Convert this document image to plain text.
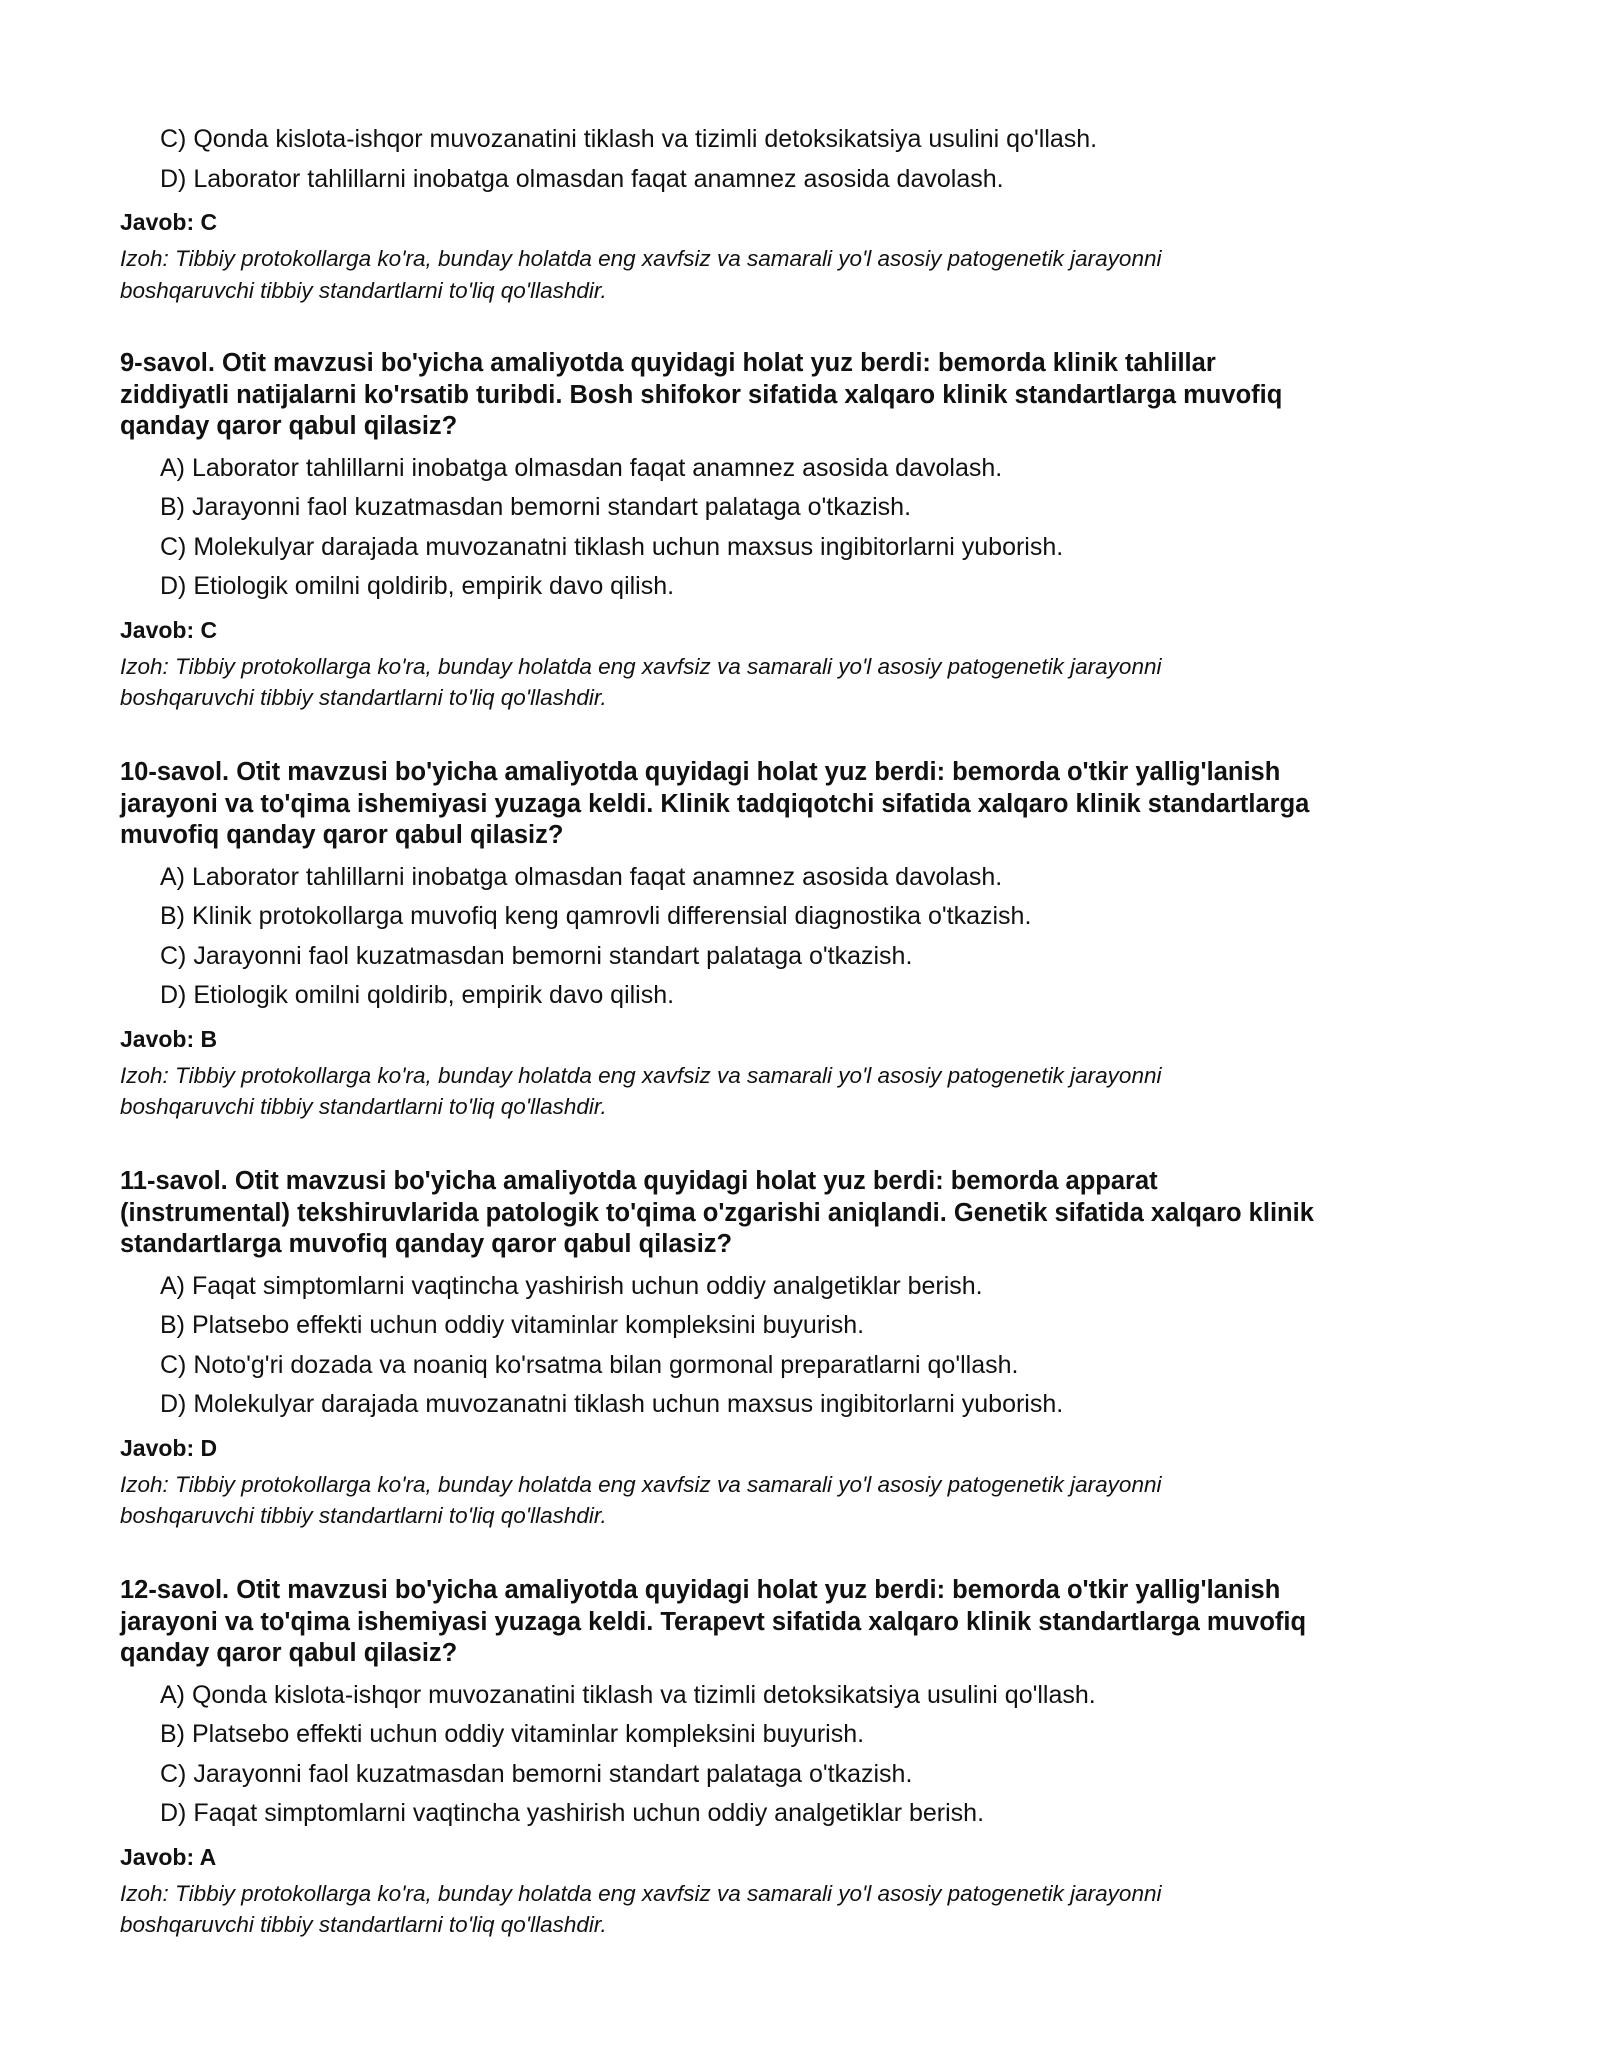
C) Qonda kislota-ishqor muvozanatini tiklash va tizimli detoksikatsiya usulini qo'llash.
D) Laborator tahlillarni inobatga olmasdan faqat anamnez asosida davolash.
Javob: C
Izoh: Tibbiy protokollarga ko'ra, bunday holatda eng xavfsiz va samarali yo'l asosiy patogenetik jarayonni
boshqaruvchi tibbiy standartlarni to'liq qo'llashdir.
9-savol. Otit mavzusi bo'yicha amaliyotda quyidagi holat yuz berdi: bemorda klinik tahlillar
ziddiyatli natijalarni ko'rsatib turibdi. Bosh shifokor sifatida xalqaro klinik standartlarga muvofiq
qanday qaror qabul qilasiz?
A) Laborator tahlillarni inobatga olmasdan faqat anamnez asosida davolash.
B) Jarayonni faol kuzatmasdan bemorni standart palataga o'tkazish.
C) Molekulyar darajada muvozanatni tiklash uchun maxsus ingibitorlarni yuborish.
D) Etiologik omilni qoldirib, empirik davo qilish.
Javob: C
Izoh: Tibbiy protokollarga ko'ra, bunday holatda eng xavfsiz va samarali yo'l asosiy patogenetik jarayonni
boshqaruvchi tibbiy standartlarni to'liq qo'llashdir.
10-savol. Otit mavzusi bo'yicha amaliyotda quyidagi holat yuz berdi: bemorda o'tkir yallig'lanish
jarayoni va to'qima ishemiyasi yuzaga keldi. Klinik tadqiqotchi sifatida xalqaro klinik standartlarga
muvofiq qanday qaror qabul qilasiz?
A) Laborator tahlillarni inobatga olmasdan faqat anamnez asosida davolash.
B) Klinik protokollarga muvofiq keng qamrovli differensial diagnostika o'tkazish.
C) Jarayonni faol kuzatmasdan bemorni standart palataga o'tkazish.
D) Etiologik omilni qoldirib, empirik davo qilish.
Javob: B
Izoh: Tibbiy protokollarga ko'ra, bunday holatda eng xavfsiz va samarali yo'l asosiy patogenetik jarayonni
boshqaruvchi tibbiy standartlarni to'liq qo'llashdir.
11-savol. Otit mavzusi bo'yicha amaliyotda quyidagi holat yuz berdi: bemorda apparat
(instrumental) tekshiruvlarida patologik to'qima o'zgarishi aniqlandi. Genetik sifatida xalqaro klinik
standartlarga muvofiq qanday qaror qabul qilasiz?
A) Faqat simptomlarni vaqtincha yashirish uchun oddiy analgetiklar berish.
B) Platsebo effekti uchun oddiy vitaminlar kompleksini buyurish.
C) Noto'g'ri dozada va noaniq ko'rsatma bilan gormonal preparatlarni qo'llash.
D) Molekulyar darajada muvozanatni tiklash uchun maxsus ingibitorlarni yuborish.
Javob: D
Izoh: Tibbiy protokollarga ko'ra, bunday holatda eng xavfsiz va samarali yo'l asosiy patogenetik jarayonni
boshqaruvchi tibbiy standartlarni to'liq qo'llashdir.
12-savol. Otit mavzusi bo'yicha amaliyotda quyidagi holat yuz berdi: bemorda o'tkir yallig'lanish
jarayoni va to'qima ishemiyasi yuzaga keldi. Terapevt sifatida xalqaro klinik standartlarga muvofiq
qanday qaror qabul qilasiz?
A) Qonda kislota-ishqor muvozanatini tiklash va tizimli detoksikatsiya usulini qo'llash.
B) Platsebo effekti uchun oddiy vitaminlar kompleksini buyurish.
C) Jarayonni faol kuzatmasdan bemorni standart palataga o'tkazish.
D) Faqat simptomlarni vaqtincha yashirish uchun oddiy analgetiklar berish.
Javob: A
Izoh: Tibbiy protokollarga ko'ra, bunday holatda eng xavfsiz va samarali yo'l asosiy patogenetik jarayonni
boshqaruvchi tibbiy standartlarni to'liq qo'llashdir.
